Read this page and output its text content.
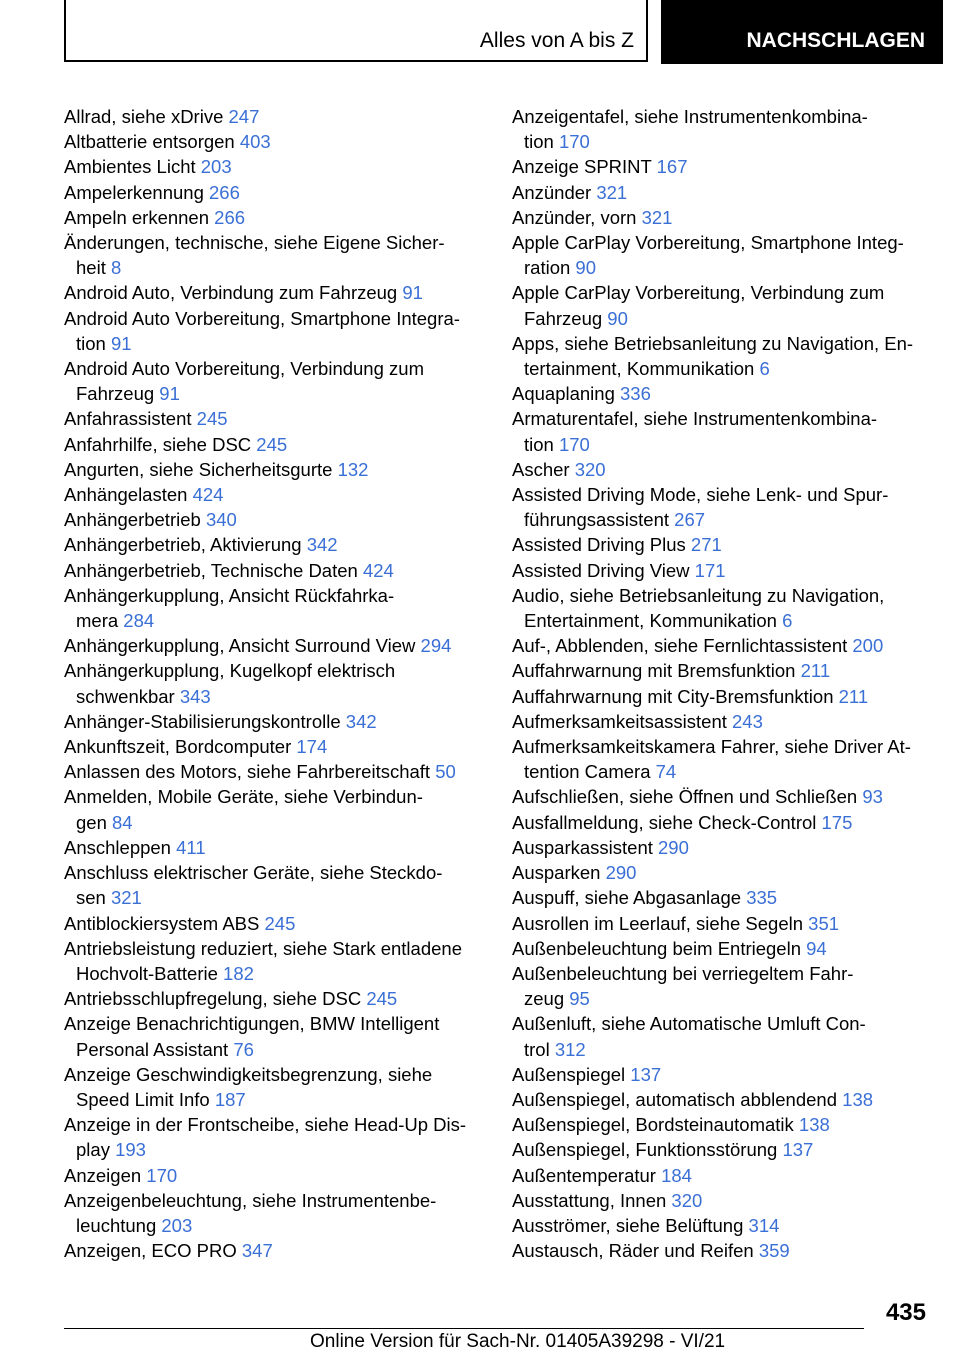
Alles von A bis Z	NACHSCHLAGEN
Allrad, siehe xDrive 247
Altbatterie entsorgen 403
Ambientes Licht 203
Ampelerkennung 266
Ampeln erkennen 266
Änderungen, technische, siehe Eigene Sicher-
heit 8
Android Auto, Verbindung zum Fahrzeug 91
Android Auto Vorbereitung, Smartphone Integra-
tion 91
Android Auto Vorbereitung, Verbindung zum
Fahrzeug 91
Anfahrassistent 245
Anfahrhilfe, siehe DSC 245
Angurten, siehe Sicherheitsgurte 132
Anhängelasten 424
Anhängerbetrieb 340
Anhängerbetrieb, Aktivierung 342
Anhängerbetrieb, Technische Daten 424
Anhängerkupplung, Ansicht Rückfahrka-
mera 284
Anhängerkupplung, Ansicht Surround View 294
Anhängerkupplung, Kugelkopf elektrisch
schwenkbar 343
Anhänger-Stabilisierungskontrolle 342
Ankunftszeit, Bordcomputer 174
Anlassen des Motors, siehe Fahrbereitschaft 50
Anmelden, Mobile Geräte, siehe Verbindun-
gen 84
Anschleppen 411
Anschluss elektrischer Geräte, siehe Steckdo-
sen 321
Antiblockiersystem ABS 245
Antriebsleistung reduziert, siehe Stark entladene
Hochvolt-Batterie 182
Antriebsschlupfregelung, siehe DSC 245
Anzeige Benachrichtigungen, BMW Intelligent
Personal Assistant 76
Anzeige Geschwindigkeitsbegrenzung, siehe
Speed Limit Info 187
Anzeige in der Frontscheibe, siehe Head-Up Dis-
play 193
Anzeigen 170
Anzeigenbeleuchtung, siehe Instrumentenbe-
leuchtung 203
Anzeigen, ECO PRO 347
Anzeigentafel, siehe Instrumentenkombina-
tion 170
Anzeige SPRINT 167
Anzünder 321
Anzünder, vorn 321
Apple CarPlay Vorbereitung, Smartphone Integ-
ration 90
Apple CarPlay Vorbereitung, Verbindung zum
Fahrzeug 90
Apps, siehe Betriebsanleitung zu Navigation, En-
tertainment, Kommunikation 6
Aquaplaning 336
Armaturentafel, siehe Instrumentenkombina-
tion 170
Ascher 320
Assisted Driving Mode, siehe Lenk- und Spur-
führungsassistent 267
Assisted Driving Plus 271
Assisted Driving View 171
Audio, siehe Betriebsanleitung zu Navigation,
Entertainment, Kommunikation 6
Auf-, Abblenden, siehe Fernlichtassistent 200
Auffahrwarnung mit Bremsfunktion 211
Auffahrwarnung mit City-Bremsfunktion 211
Aufmerksamkeitsassistent 243
Aufmerksamkeitskamera Fahrer, siehe Driver At-
tention Camera 74
Aufschließen, siehe Öffnen und Schließen 93
Ausfallmeldung, siehe Check-Control 175
Ausparkassistent 290
Ausparken 290
Auspuff, siehe Abgasanlage 335
Ausrollen im Leerlauf, siehe Segeln 351
Außenbeleuchtung beim Entriegeln 94
Außenbeleuchtung bei verriegeltem Fahr-
zeug 95
Außenluft, siehe Automatische Umluft Con-
trol 312
Außenspiegel 137
Außenspiegel, automatisch abblendend 138
Außenspiegel, Bordsteinautomatik 138
Außenspiegel, Funktionsstörung 137
Außentemperatur 184
Ausstattung, Innen 320
Ausströmer, siehe Belüftung 314
Austausch, Räder und Reifen 359
435
Online Version für Sach-Nr. 01405A39298 - VI/21
